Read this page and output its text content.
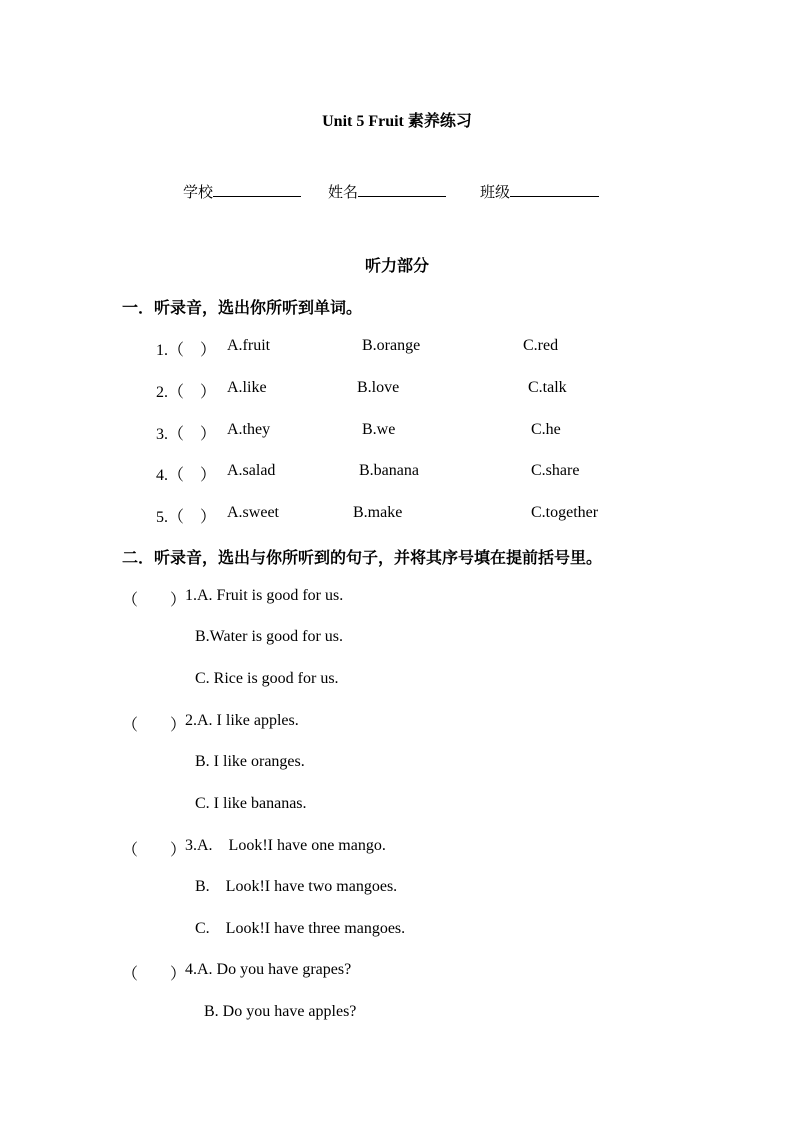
Unit 5 Fruit 素养练习
学校	姓名	班级
听力部分
一．听录音，选出你所听到单词。
1.（　） A.fruit	B.orange	C.red
2.（　） A.like	B.love	C.talk
3.（　） A.they	B.we	C.he
4.（　） A.salad	B.banana	C.share
5.（　） A.sweet	B.make	C.together
二．听录音，选出与你所听到的句子，并将其序号填在提前括号里。
（　　）
1.A. Fruit is good for us.
B.Water is good for us.
C. Rice is good for us.
（　　）
2.A. I like apples.
B. I like oranges.
C. I like bananas.
（　　）
3.A.    Look!I have one mango.
B.    Look!I have two mangoes.
C.    Look!I have three mangoes.
（　　）
4.A. Do you have grapes?
B. Do you have apples?
